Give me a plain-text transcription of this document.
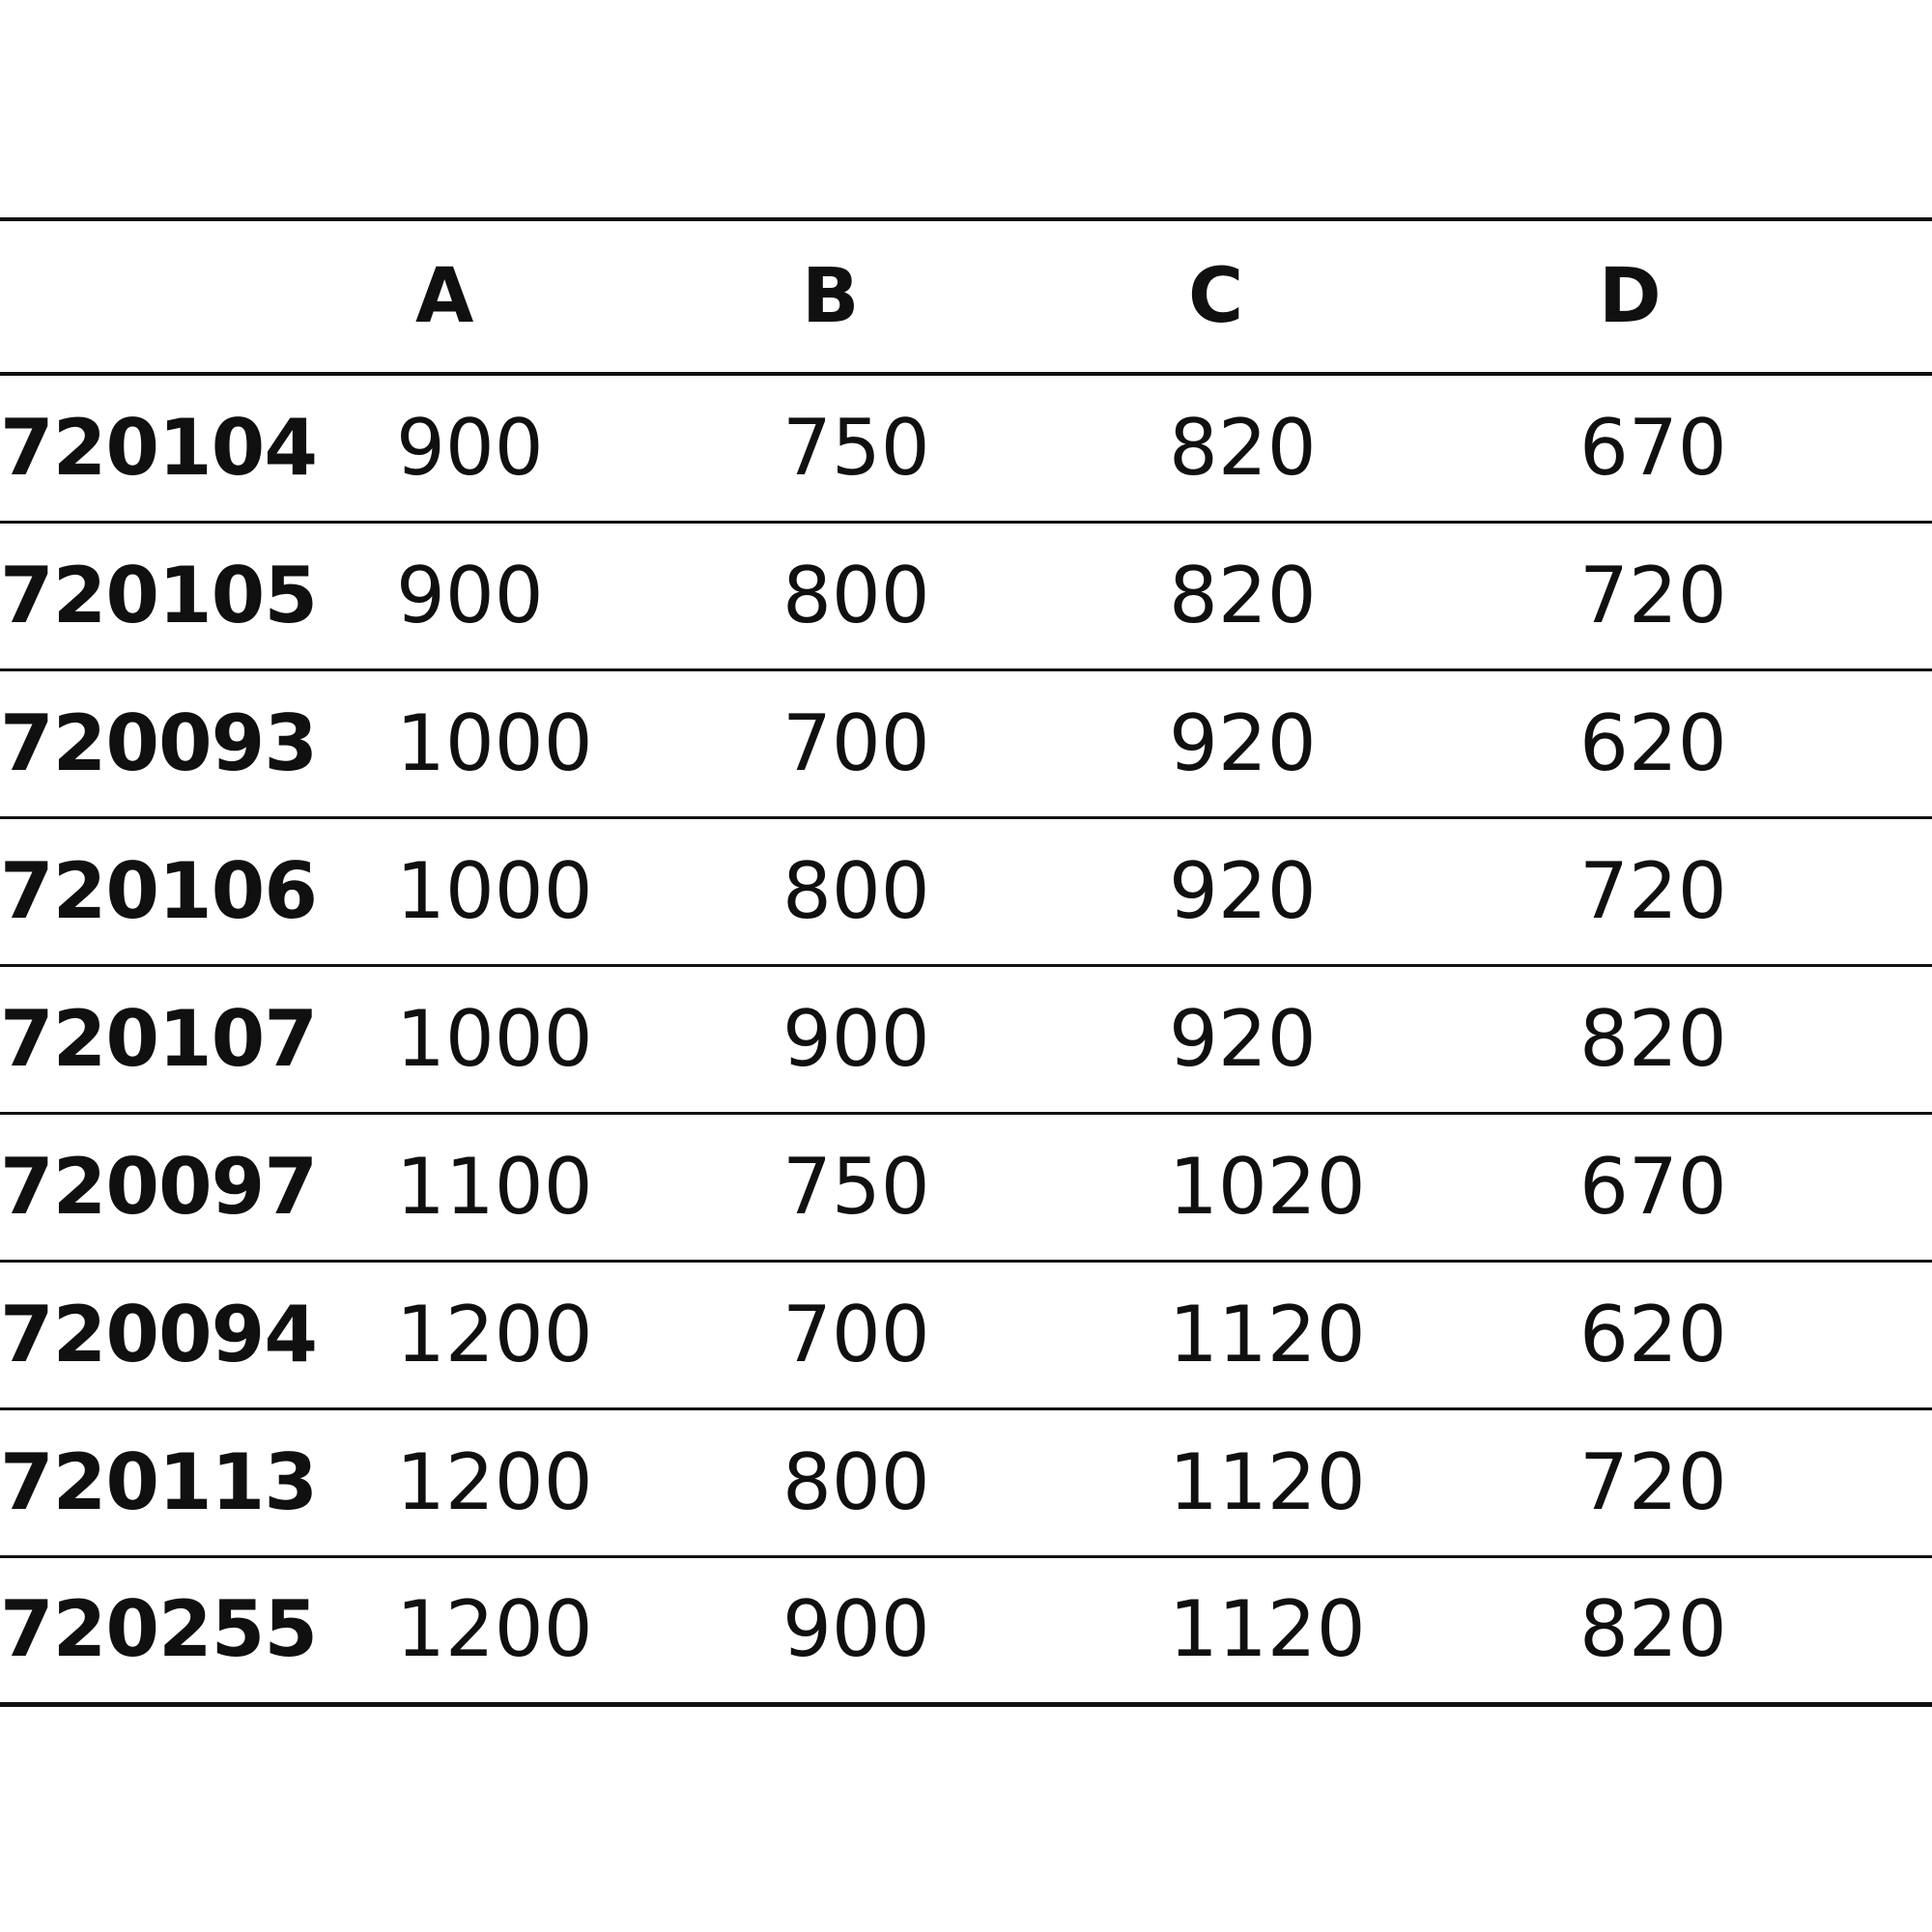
	A	B	C	D
720104	900	750	820	670
720105	900	800	820	720
720093	1000	700	920	620
720106	1000	800	920	720
720107	1000	900	920	820
720097	1100	750	1020	670
720094	1200	700	1120	620
720113	1200	800	1120	720
720255	1200	900	1120	820
